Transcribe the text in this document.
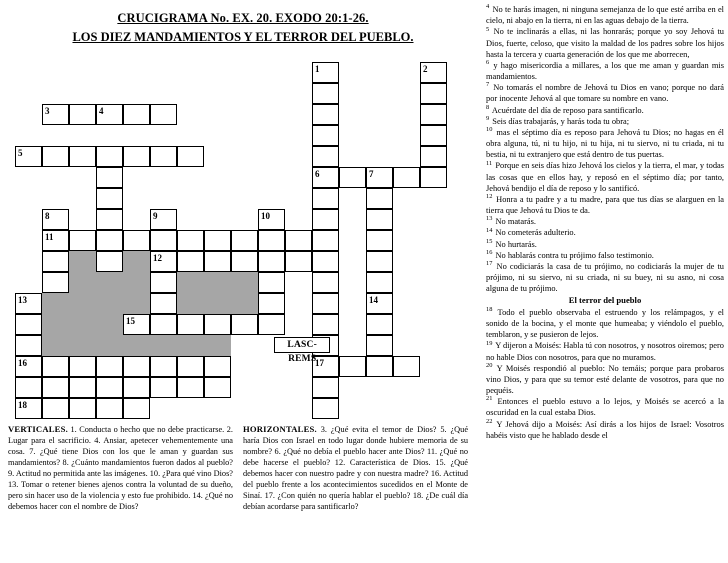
CRUCIGRAMA No. EX. 20. EXODO 20:1-26.
LOS DIEZ MANDAMIENTOS Y EL TERROR DEL PUEBLO.
1	2
3	4
5
6	7
8	9	10
11
12
13	14
15
16	17
18
LASC-REMS
VERTICALES. 1. Conducta o hecho que no debe practicarse. 2. Lugar para el sacrificio. 4. Ansiar, apetecer vehementemente una cosa. 7. ¿Qué tiene Dios con los que le aman y guardan sus mandamientos? 8. ¿Cuánto mandamientos fueron dados al pueblo? 9. Actitud no permitida ante las imágenes. 10. ¿Para qué vino Dios? 13. Tomar o retener bienes ajenos contra la voluntad de su dueño, pero sin hacer uso de la violencia y esto fue prohibido. 14. ¿Qué no debemos hacer con el nombre de Dios?
HORIZONTALES. 3. ¿Qué evita el temor de Dios? 5. ¿Qué haría Dios con Israel en todo lugar donde hubiere memoria de su nombre? 6. ¿Qué no debía el pueblo hacer ante Dios? 11. ¿Qué no debe hacerse el pueblo? 12. Característica de Dios. 15. ¿Qué debemos hacer con nuestro padre y con nuestra madre? 16. Actitud del pueblo frente a los acontecimientos sucedidos en el Monte de Sinaí. 17. ¿Con quién no quería hablar el pueblo? 18. ¿De cuál día debían acordarse para santificarlo?

$^4$ No te harás imagen, ni ninguna semejanza de lo que esté arriba en el cielo, ni abajo en la tierra, ni en las aguas debajo de la tierra.

$^5$ No te inclinarás a ellas, ni las honrarás; porque yo soy Jehová tu Dios, fuerte, celoso, que visito la maldad de los padres sobre los hijos hasta la tercera y cuarta generación de los que me aborrecen,

$^6$ y hago misericordia a millares, a los que me aman y guardan mis mandamientos.

$^7$ No tomarás el nombre de Jehová tu Dios en vano; porque no dará por inocente Jehová al que tomare su nombre en vano.

$^8$ Acuérdate del día de reposo para santificarlo.

$^9$ Seis días trabajarás, y harás toda tu obra;

$^{10}$ mas el séptimo día es reposo para Jehová tu Dios; no hagas en él obra alguna, tú, ni tu hijo, ni tu hija, ni tu siervo, ni tu criada, ni tu bestia, ni tu extranjero que está dentro de tus puertas.

$^{11}$ Porque en seis días hizo Jehová los cielos y la tierra, el mar, y todas las cosas que en ellos hay, y reposó en el séptimo día; por tanto, Jehová bendijo el día de reposo y lo santificó.

$^{12}$ Honra a tu padre y a tu madre, para que tus días se alarguen en la tierra que Jehová tu Dios te da.

$^{13}$ No matarás.

$^{14}$ No cometerás adulterio.

$^{15}$ No hurtarás.

$^{16}$ No hablarás contra tu prójimo falso testimonio.

$^{17}$ No codiciarás la casa de tu prójimo, no codiciarás la mujer de tu prójimo, ni su siervo, ni su criada, ni su buey, ni su asno, ni cosa alguna de tu prójimo.

El terror del pueblo

$^{18}$ Todo el pueblo observaba el estruendo y los relámpagos, y el sonido de la bocina, y el monte que humeaba; y viéndolo el pueblo, temblaron, y se pusieron de lejos.

$^{19}$ Y dijeron a Moisés: Habla tú con nosotros, y nosotros oiremos; pero no hable Dios con nosotros, para que no muramos.

$^{20}$ Y Moisés respondió al pueblo: No temáis; porque para probaros vino Dios, y para que su temor esté delante de vosotros, para que no pequéis.

$^{21}$ Entonces el pueblo estuvo a lo lejos, y Moisés se acercó a la oscuridad en la cual estaba Dios.

$^{22}$ Y Jehová dijo a Moisés: Así dirás a los hijos de Israel: Vosotros habéis visto que he hablado desde el
